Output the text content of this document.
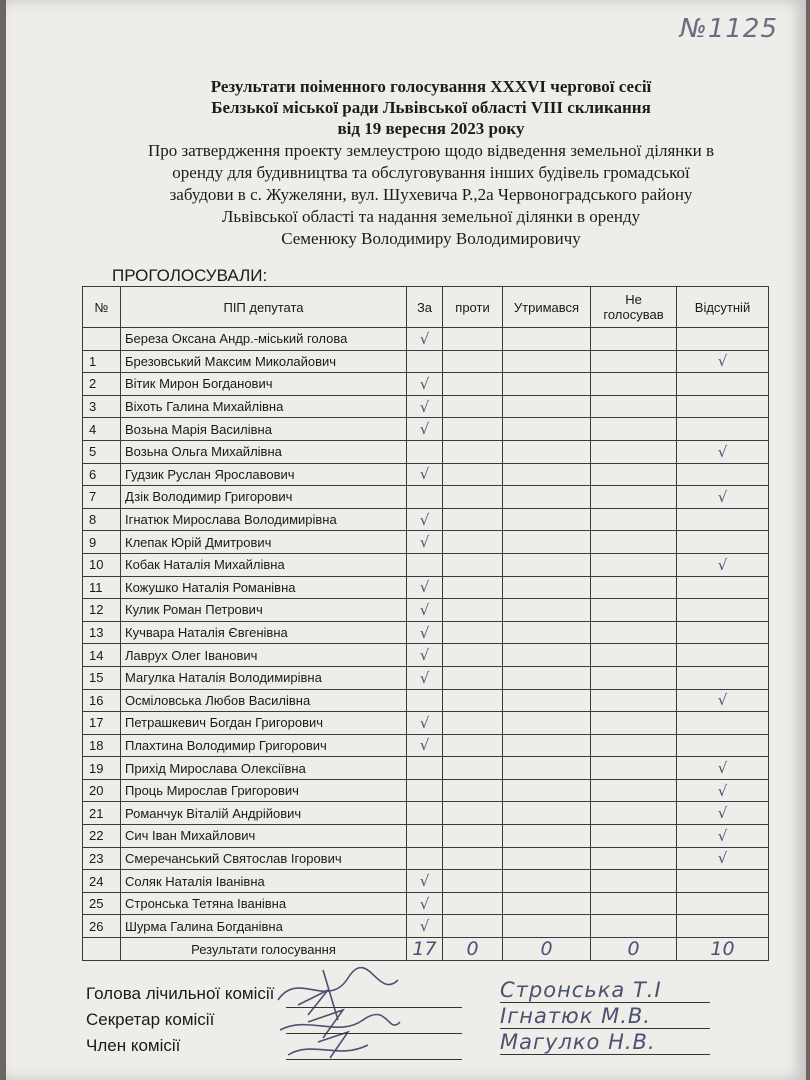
№1125
Результати поіменного голосування XXXVI чергової сесії
Белзької міської ради Львівської області VIII скликання
від 19 вересня 2023 року
Про затвердження проекту землеустрою щодо відведення земельної ділянки в
оренду для будивництва та обслуговування інших будівель громадської
забудови в с. Жужеляни, вул. Шухевича Р.,2а Червоноградського району
Львівської області та надання земельної ділянки в оренду
Семенюку Володимиру Володимировичу
ПРОГОЛОСУВАЛИ:
№	ПІП депутата	За	проти	Утримався	Не голосував	Відсутній
	Береза Оксана Андр.-міський голова	√				
1	Брезовський Максим Миколайович					√
2	Вітик Мирон Богданович	√				
3	Віхоть Галина Михайлівна	√				
4	Возьна Марія Василівна	√				
5	Возьна Ольга Михайлівна					√
6	Гудзик Руслан Ярославович	√				
7	Дзік Володимир Григорович					√
8	Ігнатюк Мирослава Володимирівна	√				
9	Клепак Юрій Дмитрович	√				
10	Кобак Наталія Михайлівна					√
11	Кожушко Наталія Романівна	√				
12	Кулик Роман Петрович	√				
13	Кучвара Наталія Євгенівна	√				
14	Лаврух Олег Іванович	√				
15	Магулка Наталія Володимирівна	√				
16	Осміловська Любов Василівна					√
17	Петрашкевич Богдан Григорович	√				
18	Плахтина Володимир Григорович	√				
19	Прихід Мирослава Олексіївна					√
20	Проць Мирослав Григорович					√
21	Романчук Віталій Андрійович					√
22	Сич Іван Михайлович					√
23	Смеречанський Святослав Ігорович					√
24	Соляк Наталія Іванівна	√				
25	Стронська Тетяна Іванівна	√				
26	Шурма Галина Богданівна	√				
	Результати голосування	17	0	0	0	10
Голова лічильної комісії	Стронська Т.І
Секретар комісії	Ігнатюк М.В.
Член комісії	Магулко Н.В.
